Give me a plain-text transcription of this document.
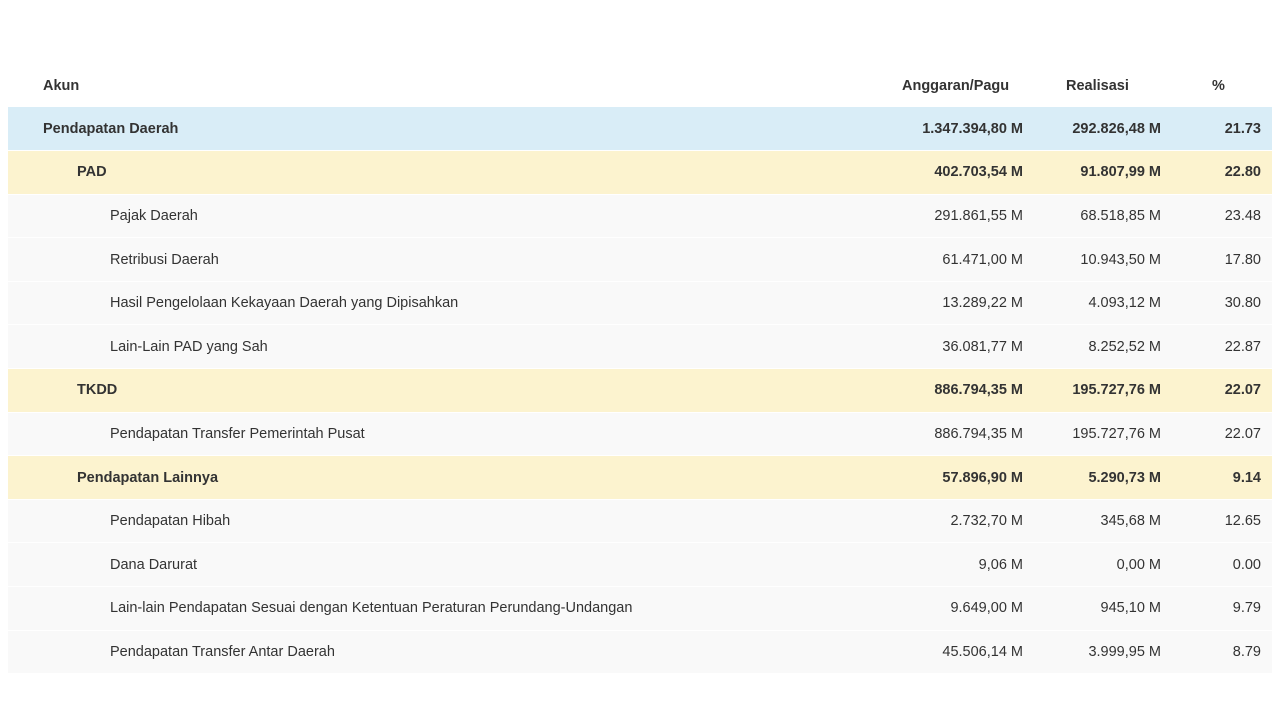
Akun	Anggaran/Pagu	Realisasi	%
Pendapatan Daerah	1.347.394,80 M	292.826,48 M	21.73
PAD	402.703,54 M	91.807,99 M	22.80
Pajak Daerah	291.861,55 M	68.518,85 M	23.48
Retribusi Daerah	61.471,00 M	10.943,50 M	17.80
Hasil Pengelolaan Kekayaan Daerah yang Dipisahkan	13.289,22 M	4.093,12 M	30.80
Lain-Lain PAD yang Sah	36.081,77 M	8.252,52 M	22.87
TKDD	886.794,35 M	195.727,76 M	22.07
Pendapatan Transfer Pemerintah Pusat	886.794,35 M	195.727,76 M	22.07
Pendapatan Lainnya	57.896,90 M	5.290,73 M	9.14
Pendapatan Hibah	2.732,70 M	345,68 M	12.65
Dana Darurat	9,06 M	0,00 M	0.00
Lain-lain Pendapatan Sesuai dengan Ketentuan Peraturan Perundang-Undangan	9.649,00 M	945,10 M	9.79
Pendapatan Transfer Antar Daerah	45.506,14 M	3.999,95 M	8.79
